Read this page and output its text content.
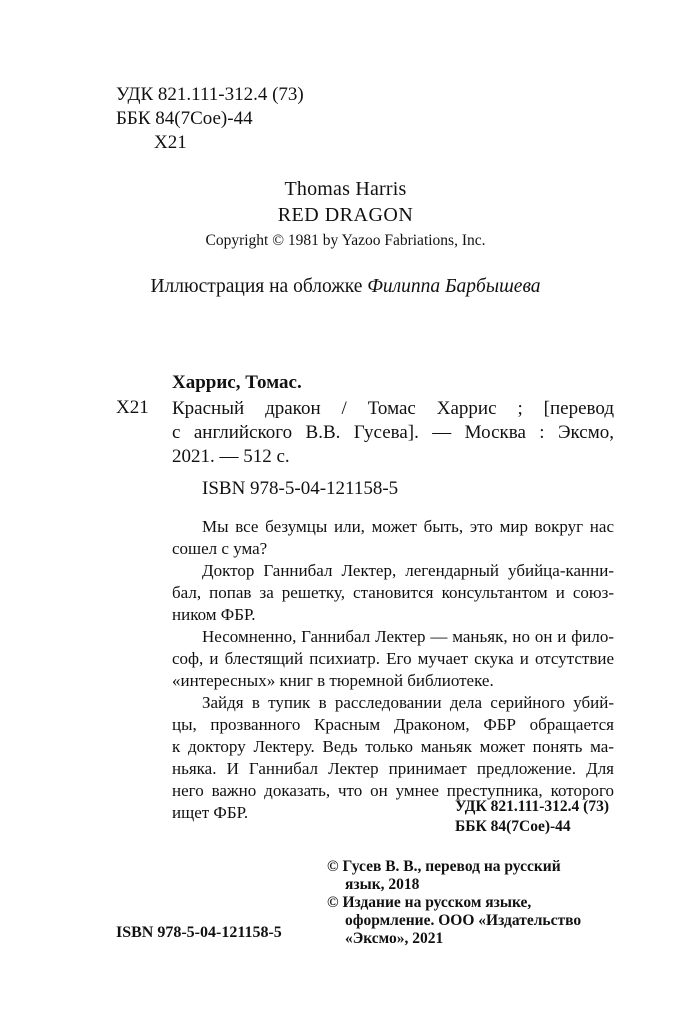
УДК 821.111-312.4 (73)
ББК 84(7Сое)-44
Х21
Thomas Harris
RED DRAGON
Copyright © 1981 by Yazoo Fabriations, Inc.
Иллюстрация на обложке Филиппа Барбышева
Харрис, Томас.
Х21 Красный дракон / Томас Харрис ; [перевод
с английского В.В. Гусева]. — Москва : Эксмо,
2021. — 512 с.
ISBN 978-5-04-121158-5
Мы все безумцы или, может быть, это мир вокруг нас
сошел с ума?
Доктор Ганнибал Лектер, легендарный убийца-канни-
бал, попав за решетку, становится консультантом и союз-
ником ФБР.
Несомненно, Ганнибал Лектер — маньяк, но он и фило-
соф, и блестящий психиатр. Его мучает скука и отсутствие
«интересных» книг в тюремной библиотеке.
Зайдя в тупик в расследовании дела серийного убий-
цы, прозванного Красным Драконом, ФБР обращается
к доктору Лектеру. Ведь только маньяк может понять ма-
ньяка. И Ганнибал Лектер принимает предложение. Для
него важно доказать, что он умнее преступника, которого
ищет ФБР.	УДК 821.111-312.4 (73)
ББК 84(7Сое)-44
© Гусев В. В., перевод на русский
язык, 2018
© Издание на русском языке,
оформление. ООО «Издательство
«Эксмо», 2021
ISBN 978-5-04-121158-5
